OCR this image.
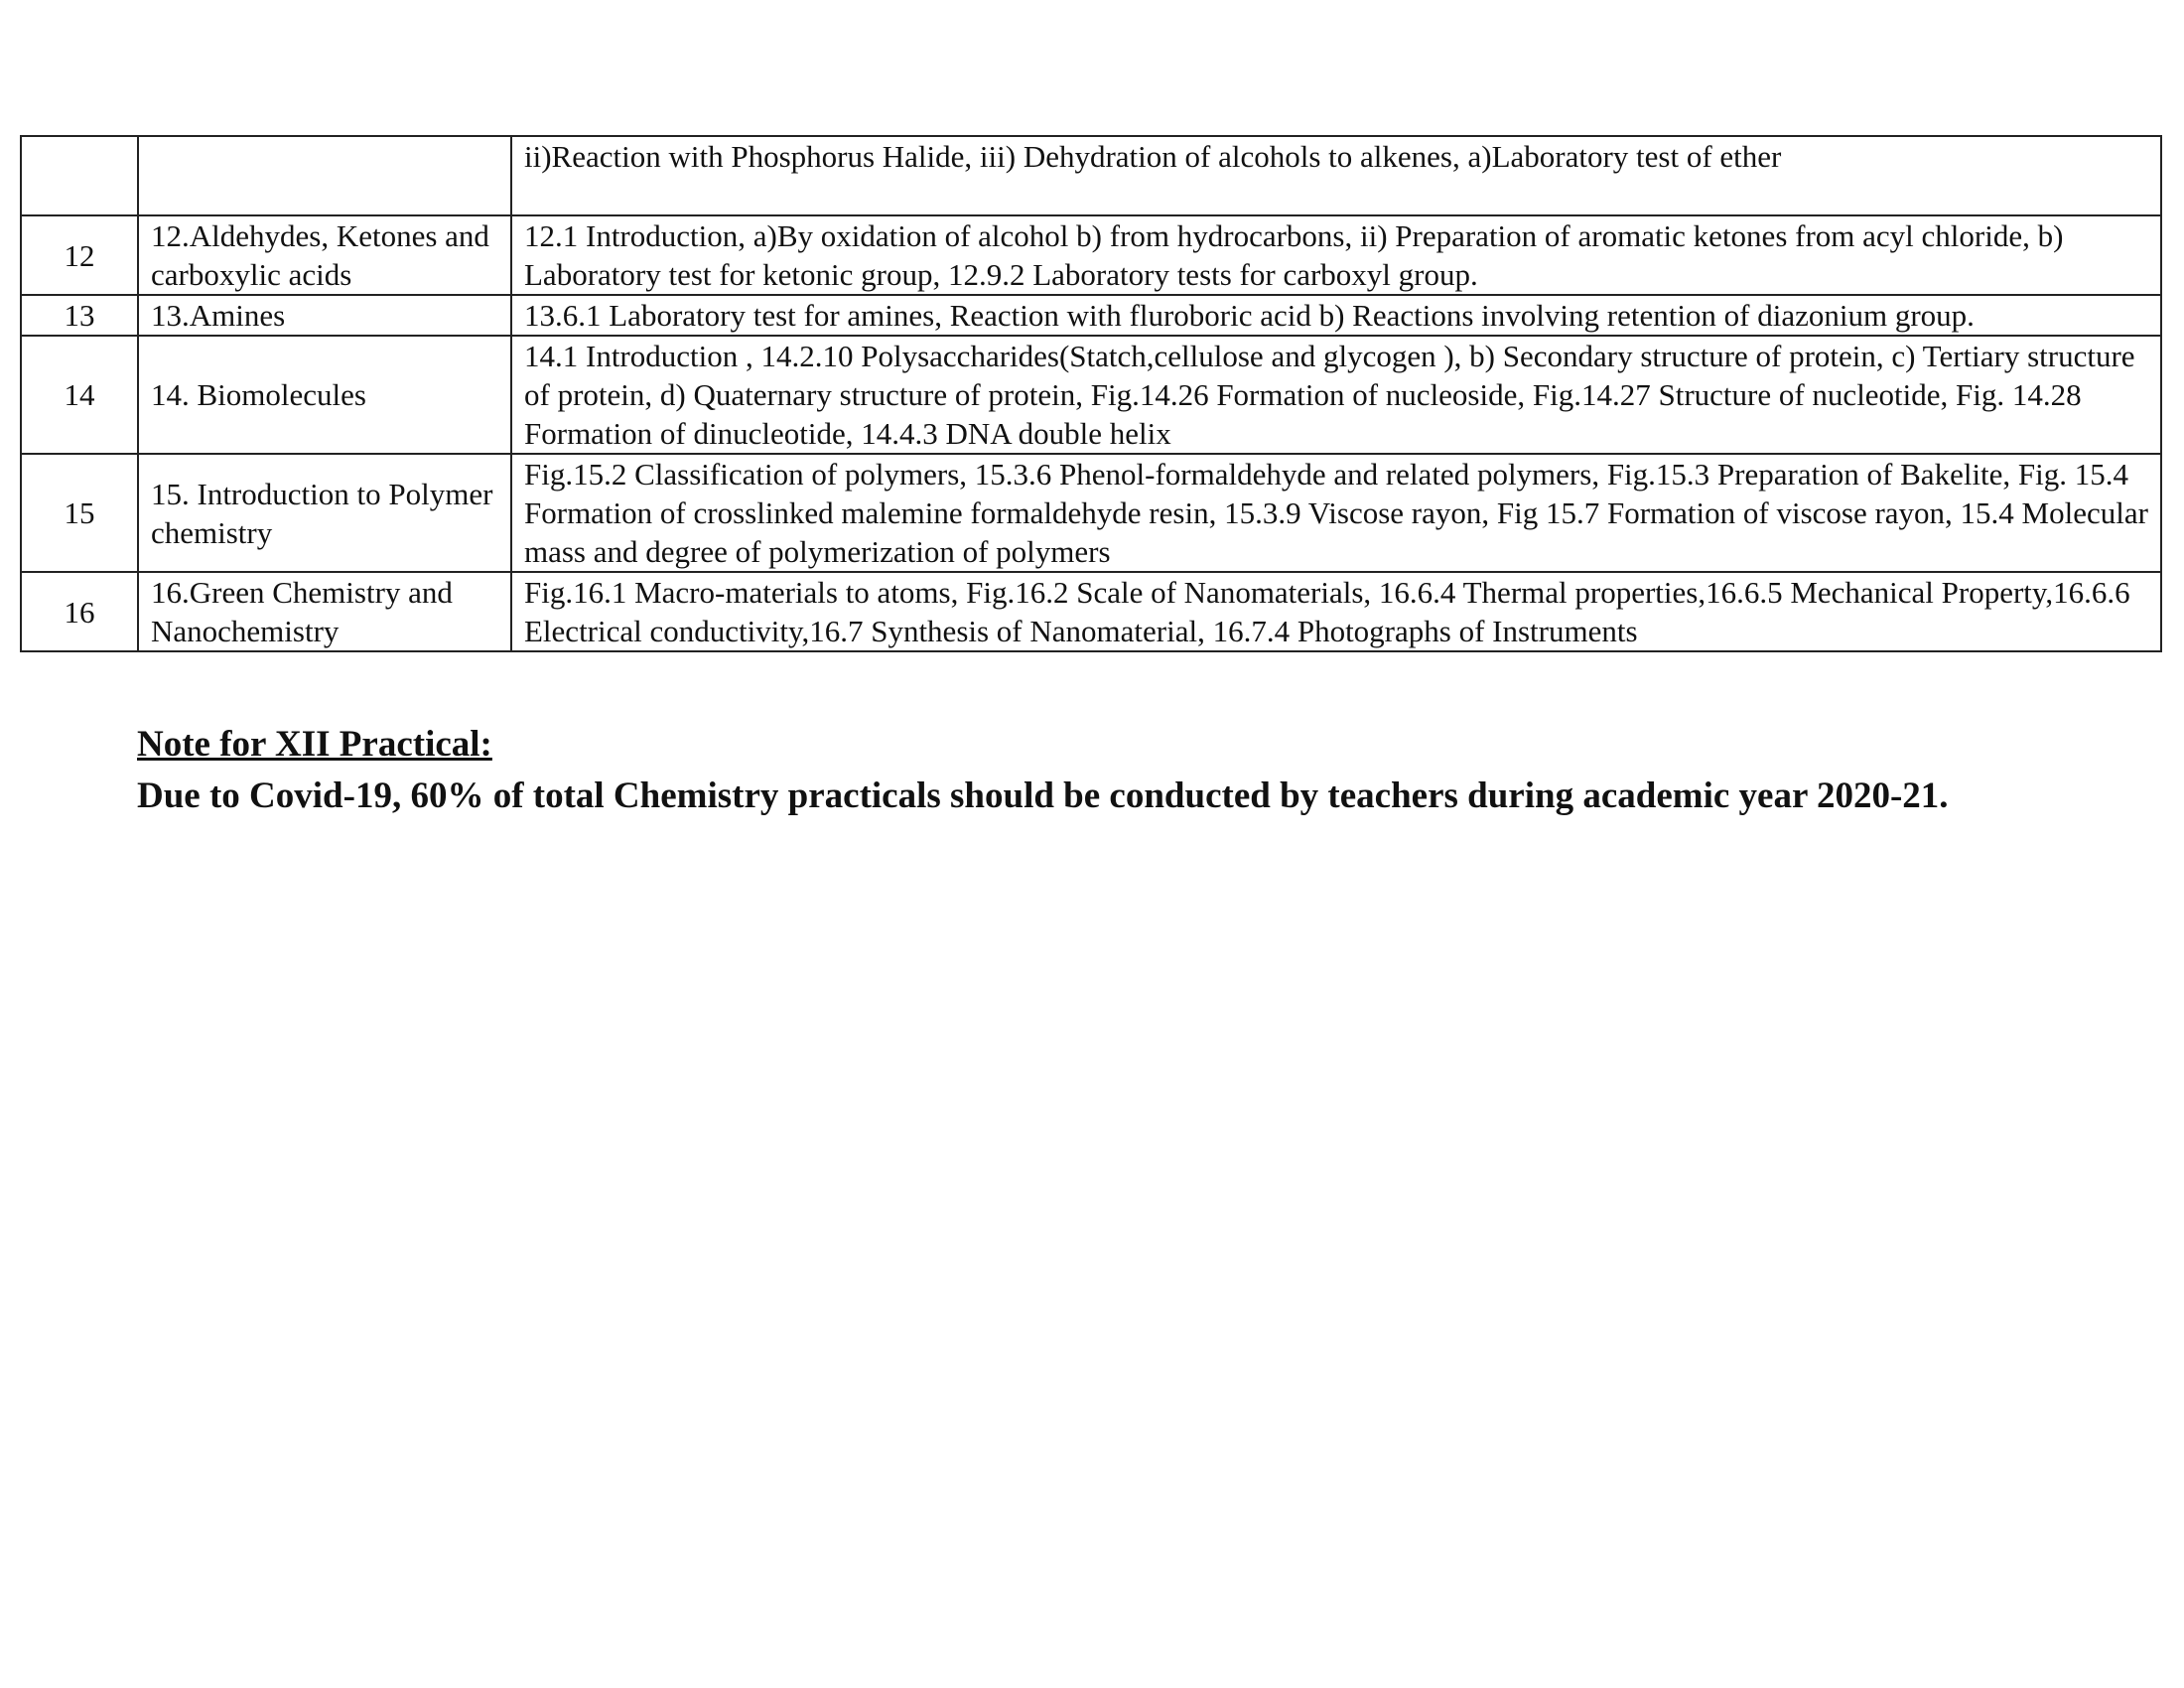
		ii)Reaction with Phosphorus Halide, iii) Dehydration of alcohols to alkenes, a)Laboratory test of ether
12	12.Aldehydes, Ketones and carboxylic acids	12.1 Introduction, a)By oxidation of alcohol b) from hydrocarbons, ii) Preparation of aromatic ketones from acyl chloride, b) Laboratory test for ketonic group, 12.9.2 Laboratory tests for carboxyl group.
13	13.Amines	13.6.1 Laboratory test for amines, Reaction with fluroboric acid b) Reactions involving retention of diazonium group.
14	14. Biomolecules	14.1 Introduction , 14.2.10 Polysaccharides(Statch,cellulose and glycogen ), b) Secondary structure of protein, c) Tertiary structure of protein, d) Quaternary structure of protein, Fig.14.26 Formation of nucleoside, Fig.14.27 Structure of nucleotide, Fig. 14.28 Formation of dinucleotide, 14.4.3 DNA double helix
15	15. Introduction to Polymer chemistry	Fig.15.2 Classification of polymers, 15.3.6 Phenol-formaldehyde and related polymers, Fig.15.3 Preparation of Bakelite, Fig. 15.4 Formation of crosslinked malemine formaldehyde resin, 15.3.9 Viscose rayon, Fig 15.7 Formation of viscose rayon, 15.4 Molecular mass and degree of polymerization of polymers
16	16.Green Chemistry and Nanochemistry	Fig.16.1 Macro-materials to atoms, Fig.16.2 Scale of Nanomaterials, 16.6.4 Thermal properties,16.6.5 Mechanical Property,16.6.6 Electrical conductivity,16.7 Synthesis of Nanomaterial, 16.7.4 Photographs of Instruments
Note for XII Practical:
Due to Covid-19, 60% of total Chemistry practicals should be conducted by teachers during academic year 2020-21.
